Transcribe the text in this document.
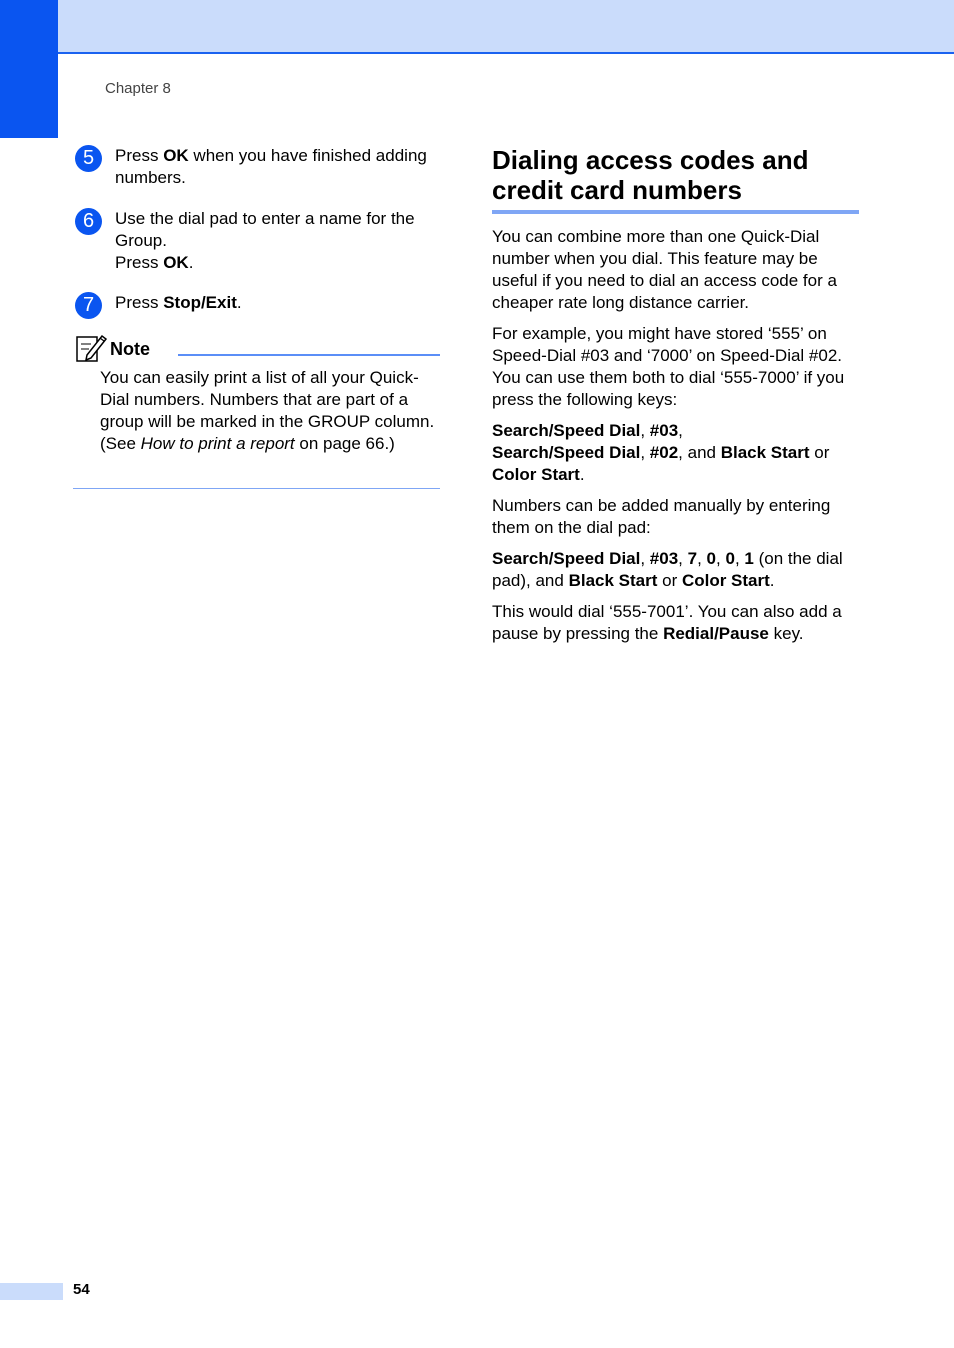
Chapter 8
5	Press OK when you have finished adding numbers.
6	Use the dial pad to enter a name for the Group.
Press OK.
7	Press Stop/Exit.
Note
You can easily print a list of all your Quick-Dial numbers. Numbers that are part of a group will be marked in the GROUP column. (See How to print a report on page 66.)
Dialing access codes and credit card numbers

You can combine more than one Quick-Dial number when you dial. This feature may be useful if you need to dial an access code for a cheaper rate long distance carrier.

For example, you might have stored ‘555’ on Speed-Dial #03 and ‘7000’ on Speed-Dial #02. You can use them both to dial ‘555-7000’ if you press the following keys:

Search/Speed Dial, #03,
Search/Speed Dial, #02, and Black Start or Color Start.

Numbers can be added manually by entering them on the dial pad:

Search/Speed Dial, #03, 7, 0, 0, 1 (on the dial pad), and Black Start or Color Start.

This would dial ‘555-7001’. You can also add a pause by pressing the Redial/Pause key.

54
